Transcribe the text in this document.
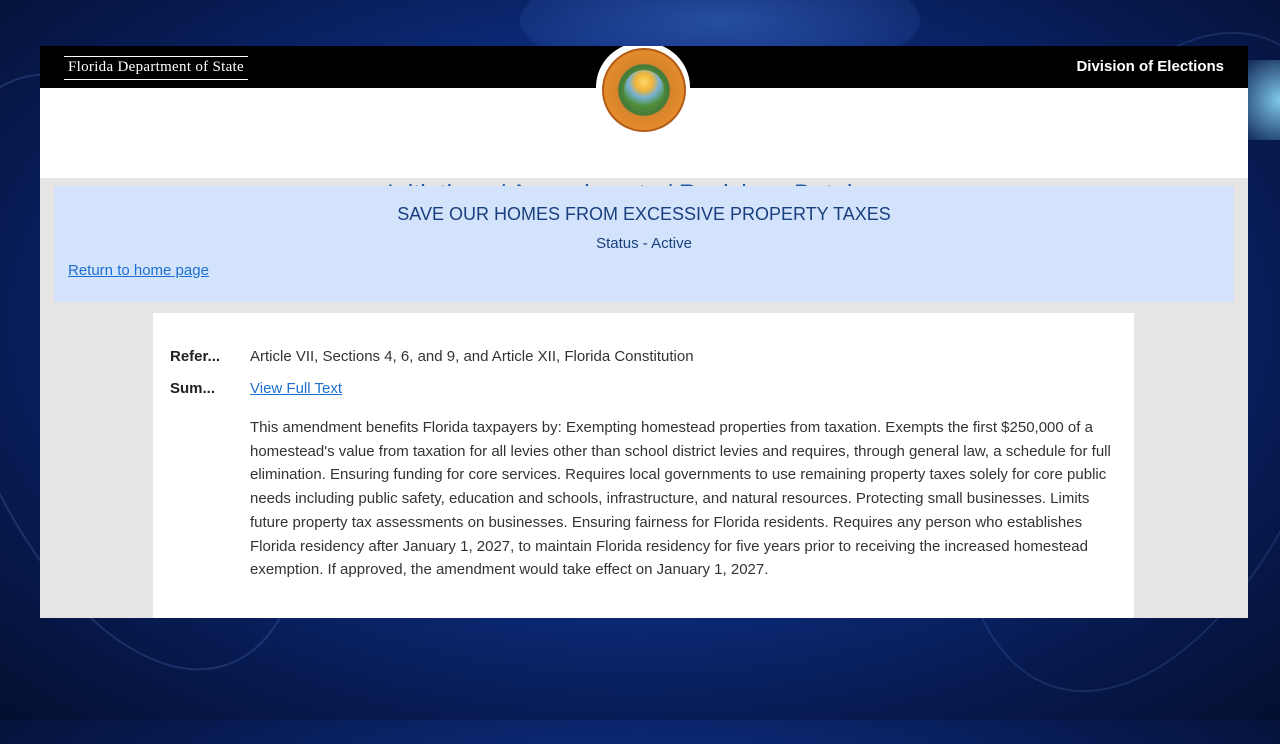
Florida Department of State	Division of Elections
SAVE OUR HOMES FROM EXCESSIVE PROPERTY TAXES
Status - Active
Return to home page
Refer... Article VII, Sections 4, 6, and 9, and Article XII, Florida Constitution
Sum... View Full Text
This amendment benefits Florida taxpayers by: Exempting homestead properties from taxation. Exempts the first $250,000 of a homestead's value from taxation for all levies other than school district levies and requires, through general law, a schedule for full elimination. Ensuring funding for core services. Requires local governments to use remaining property taxes solely for core public needs including public safety, education and schools, infrastructure, and natural resources. Protecting small businesses. Limits future property tax assessments on businesses. Ensuring fairness for Florida residents. Requires any person who establishes Florida residency after January 1, 2027, to maintain Florida residency for five years prior to receiving the increased homestead exemption. If approved, the amendment would take effect on January 1, 2027.
